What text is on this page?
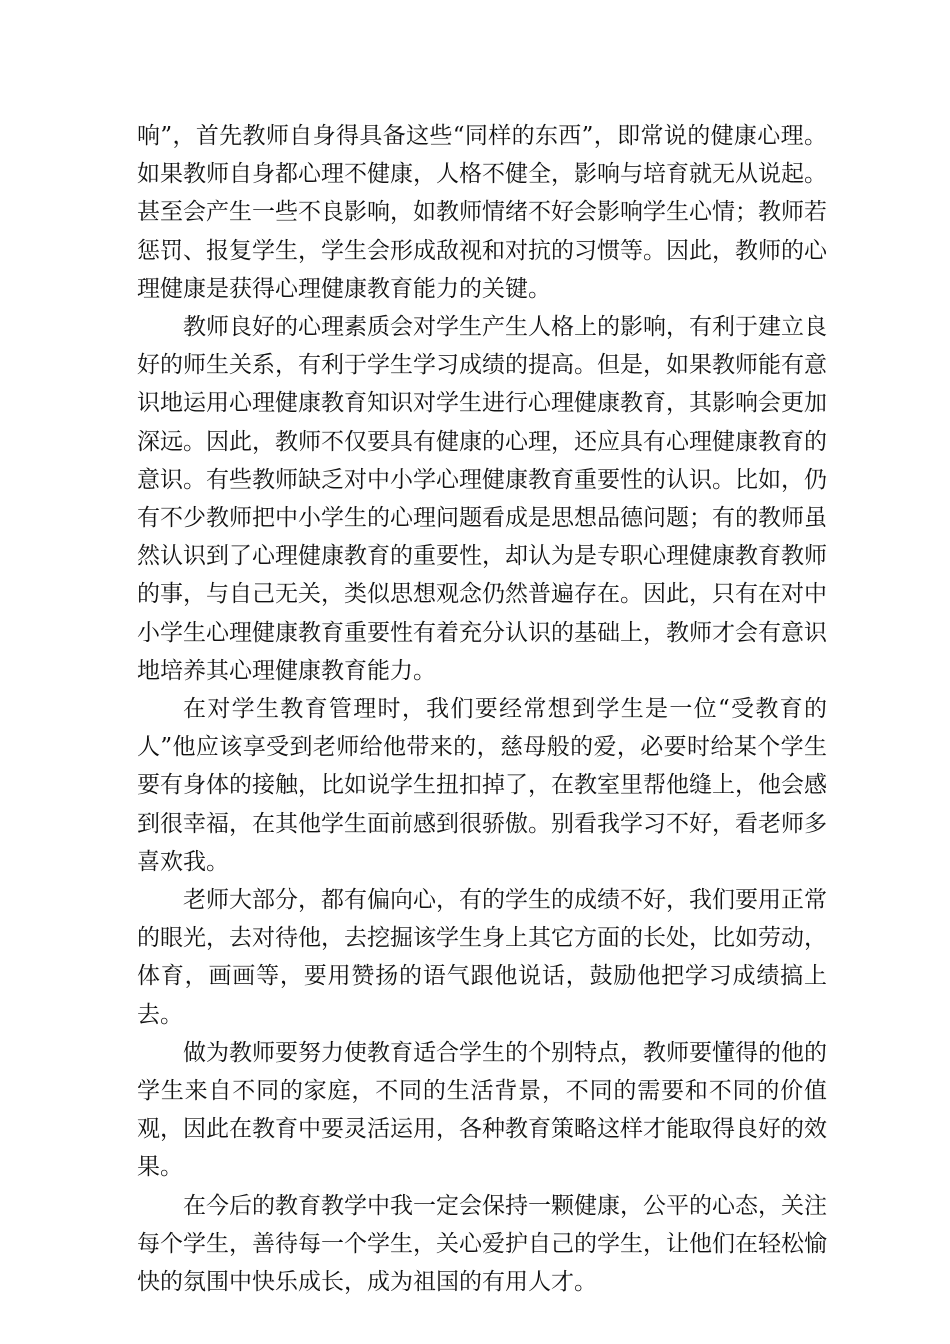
响”，首先教师自身得具备这些“同样的东西”，即常说的健康心理。如果教师自身都心理不健康，人格不健全，影响与培育就无从说起。甚至会产生一些不良影响，如教师情绪不好会影响学生心情；教师若惩罚、报复学生，学生会形成敌视和对抗的习惯等。因此，教师的心理健康是获得心理健康教育能力的关键。

教师良好的心理素质会对学生产生人格上的影响，有利于建立良好的师生关系，有利于学生学习成绩的提高。但是，如果教师能有意识地运用心理健康教育知识对学生进行心理健康教育，其影响会更加深远。因此，教师不仅要具有健康的心理，还应具有心理健康教育的意识。有些教师缺乏对中小学心理健康教育重要性的认识。比如，仍有不少教师把中小学生的心理问题看成是思想品德问题；有的教师虽然认识到了心理健康教育的重要性，却认为是专职心理健康教育教师的事，与自己无关，类似思想观念仍然普遍存在。因此，只有在对中小学生心理健康教育重要性有着充分认识的基础上，教师才会有意识地培养其心理健康教育能力。

在对学生教育管理时，我们要经常想到学生是一位“受教育的人”他应该享受到老师给他带来的，慈母般的爱，必要时给某个学生要有身体的接触，比如说学生扭扣掉了，在教室里帮他缝上，他会感到很幸福，在其他学生面前感到很骄傲。别看我学习不好，看老师多喜欢我。

老师大部分，都有偏向心，有的学生的成绩不好，我们要用正常的眼光，去对待他，去挖掘该学生身上其它方面的长处，比如劳动，体育，画画等，要用赞扬的语气跟他说话，鼓励他把学习成绩搞上去。

做为教师要努力使教育适合学生的个别特点，教师要懂得的他的学生来自不同的家庭，不同的生活背景，不同的需要和不同的价值观，因此在教育中要灵活运用，各种教育策略这样才能取得良好的效果。

在今后的教育教学中我一定会保持一颗健康，公平的心态，关注每个学生，善待每一个学生，关心爱护自己的学生，让他们在轻松愉快的氛围中快乐成长，成为祖国的有用人才。
